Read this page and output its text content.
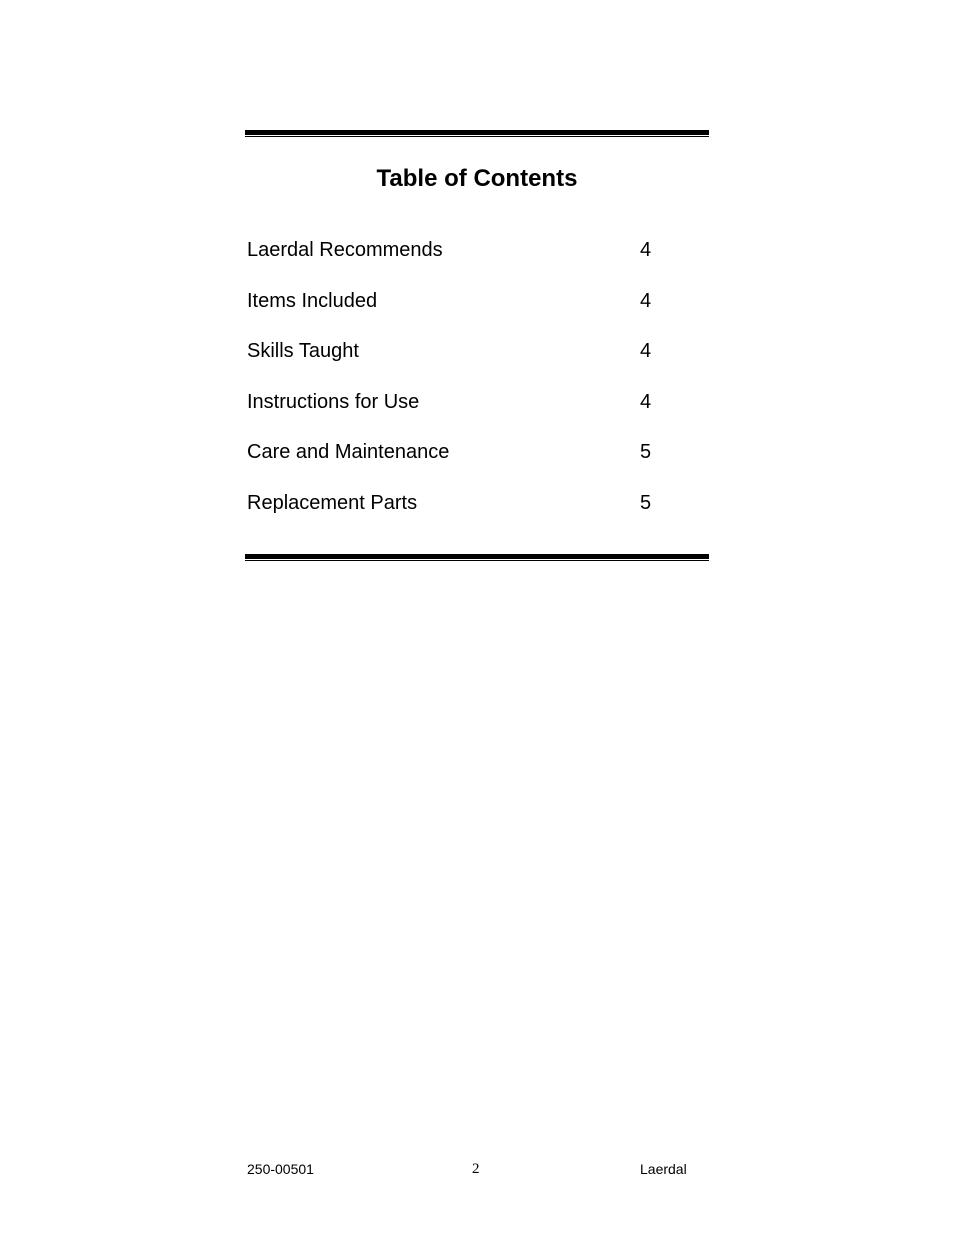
Table of Contents
Laerdal Recommends	4
Items Included	4
Skills Taught	4
Instructions for Use	4
Care and Maintenance	5
Replacement Parts	5
250-00501	2	Laerdal
